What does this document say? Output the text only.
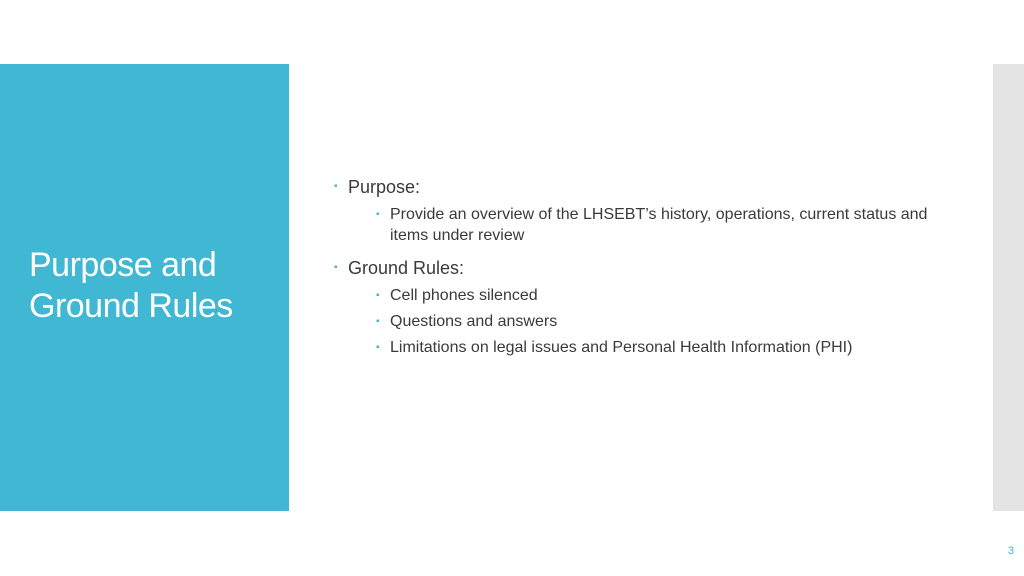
Purpose and
Ground Rules
▪ Purpose:
▪ Provide an overview of the LHSEBT’s history, operations, current status and items under review
▪ Ground Rules:
▪ Cell phones silenced
▪ Questions and answers
▪ Limitations on legal issues and Personal Health Information (PHI)
3
